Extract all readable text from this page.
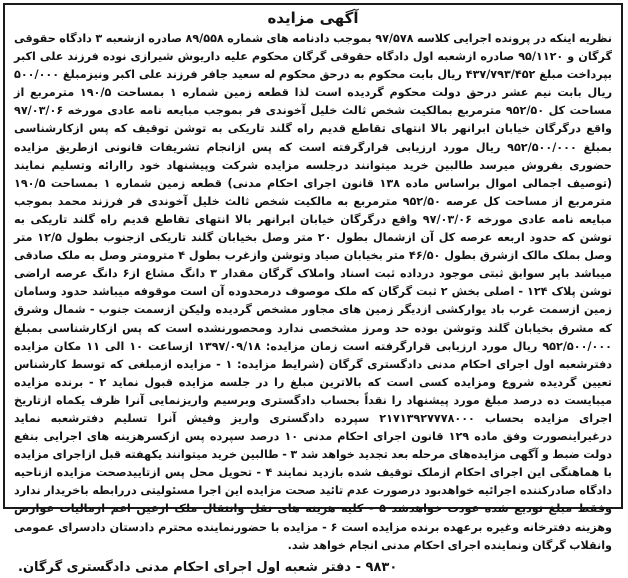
آگهی مزایده

نظریه اینکه در پرونده اجرایی کلاسه ۹۷/۵۷۸ بموجب دادنامه های شماره ۸۹/۵۵۸ صادره ازشعبه ۳ دادگاه حقوقی گرگان و ۹۵/۱۱۲۰ صادره ازشعبه اول دادگاه حقوقی گرگان محکوم علیه داریوش شیرازی نوده فرزند علی اکبر بپرداخت مبلغ ۴۳۷/۷۹۳/۴۵۲ ریال بابت محکوم به درحق محکوم له سعید جافر فرزند علی اکبر ونیزمبلغ ۵۰۰/۰۰۰ ریال بابت نیم عشر درحق دولت محکوم گردیده است لذا قطعه زمین شماره ۱ بمساحت ۱۹۰/۵ مترمربع از مساحت کل ۹۵۲/۵۰ مترمربع بمالکیت شخص ثالث خلیل آخوندی فر بموجب مبایعه نامه عادی مورخه ۹۷/۰۳/۰۶ واقع درگرگان خیابان ابرانهر بالا انتهای تقاطع قدیم راه گلند تاریکی به توشن توقیف که پس ازکارشناسی بمبلغ ۹۵۲/۵۰۰/۰۰۰ ریال مورد ارزیابی قرارگرفته است که پس ازانجام تشریفات قانونی ازطریق مزایده حضوری بفروش میرسد طالبین خرید میتوانند درجلسه مزایده شرکت وپیشنهاد خود راارائه وتسلیم نمایند (توصیف اجمالی اموال براساس ماده ۱۳۸ قانون اجرای احکام مدنی) قطعه زمین شماره ۱ بمساحت ۱۹۰/۵ مترمربع از مساحت کل عرصه ۹۵۲/۵۰ مترمربع به مالکیت شخص ثالث خلیل آخوندی فر فرزند محمد بموجب مبایعه نامه عادی مورخه ۹۷/۰۳/۰۶ واقع درگرگان خیابان ابرانهر بالا انتهای تقاطع قدیم راه گلند تاریکی به توشن که حدود اربعه عرصه کل آن ازشمال بطول ۲۰ متر وصل بخیابان گلند تاریکی ازجنوب بطول ۱۲/۵ متر وصل بملک مالک ازشرق بطول ۴۶/۵۰ متر بخیابان صیاد وتوشن وازغرب بطول ۴ مترومتر وصل به ملک صادقی میباشد باپر سوابق ثبتی موجود درداده ثبت اسناد واملاک گرگان مقدار ۳ دانگ مشاع از۶ دانگ عرصه اراضی توشن پلاک ۱۲۴ - اصلی بخش ۲ ثبت گرگان که ملک موصوف درمحدوده آن است موقوفه میباشد حدود وسامان زمین ازسمت غرب باد یوارکشی ازدیگر زمین های مجاور مشخص گردیده ولیکن ازسمت جنوب - شمال وشرق که مشرق بخیابان گلند وتوشن بوده حد ومرز مشخصی ندارد ومحصورنشده است که پس ازکارشناسی بمبلغ ۹۵۲/۵۰۰/۰۰۰ ریال مورد ارزیابی قرارگرفته است زمان مزایده: ۱۳۹۷/۰۹/۱۸ ازساعت ۱۰ الی ۱۱ مکان مزایده دفترشعبه اول اجرای احکام مدنی دادگستری گرگان (شرایط مزایده: ۱ - مزایده ازمبلغی که توسط کارشناس تعیین گردیده شروع ومزایده کسی است که بالاترین مبلغ را در جلسه مزایده قبول نماید ۲ - برنده مزایده میبایست ده درصد مبلغ مورد پیشنهاد را نقداً بحساب دادگستری وبرسیم واریزنمایی آنرا ظرف یکماه ازتاریخ اجرای مزایده بحساب ۲۱۷۱۳۹۲۷۷۷۸۰۰۰ سپرده دادگستری واریز وفیش آنرا تسلیم دفترشعبه نماید درغیراینصورت وفق ماده ۱۲۹ قانون اجرای احکام مدنی ۱۰ درصد سپرده پس ازکسرهزینه های اجرایی بنفع دولت ضبط و آگهی مزایده‌های مرحله بعد تجدید خواهد شد ۳ - طالبین خرید میتوانند یکهفته قبل ازاجرای مزایده با هماهنگی این اجرای احکام ازملک توقیف شده بازدید نمایند ۴ - تحویل محل پس ازتاییدصحت مزایده ازناحیه دادگاه صادرکننده اجرائیه خواهدبود درصورت عدم تائید صحت مزایده این اجرا مسئولیتی دررابطه باخریدار ندارد وفقط مبلغ تودیع شده عودت خواهدشد ۵ - کلیه هزینه های نقل وانتقال ملک ازعین اعم ازمالیات عوارض وهزینه دفترخانه وغیره برعهده برنده مزایده است ۶ - مزایده با حضورنماینده محترم دادستان دادسرای عمومی وانقلاب گرگان ونماینده اجرای احکام مدنی انجام خواهد شد.

۹۸۳۰ - دفتر شعبه اول اجرای احکام مدنی دادگستری گرگان.
